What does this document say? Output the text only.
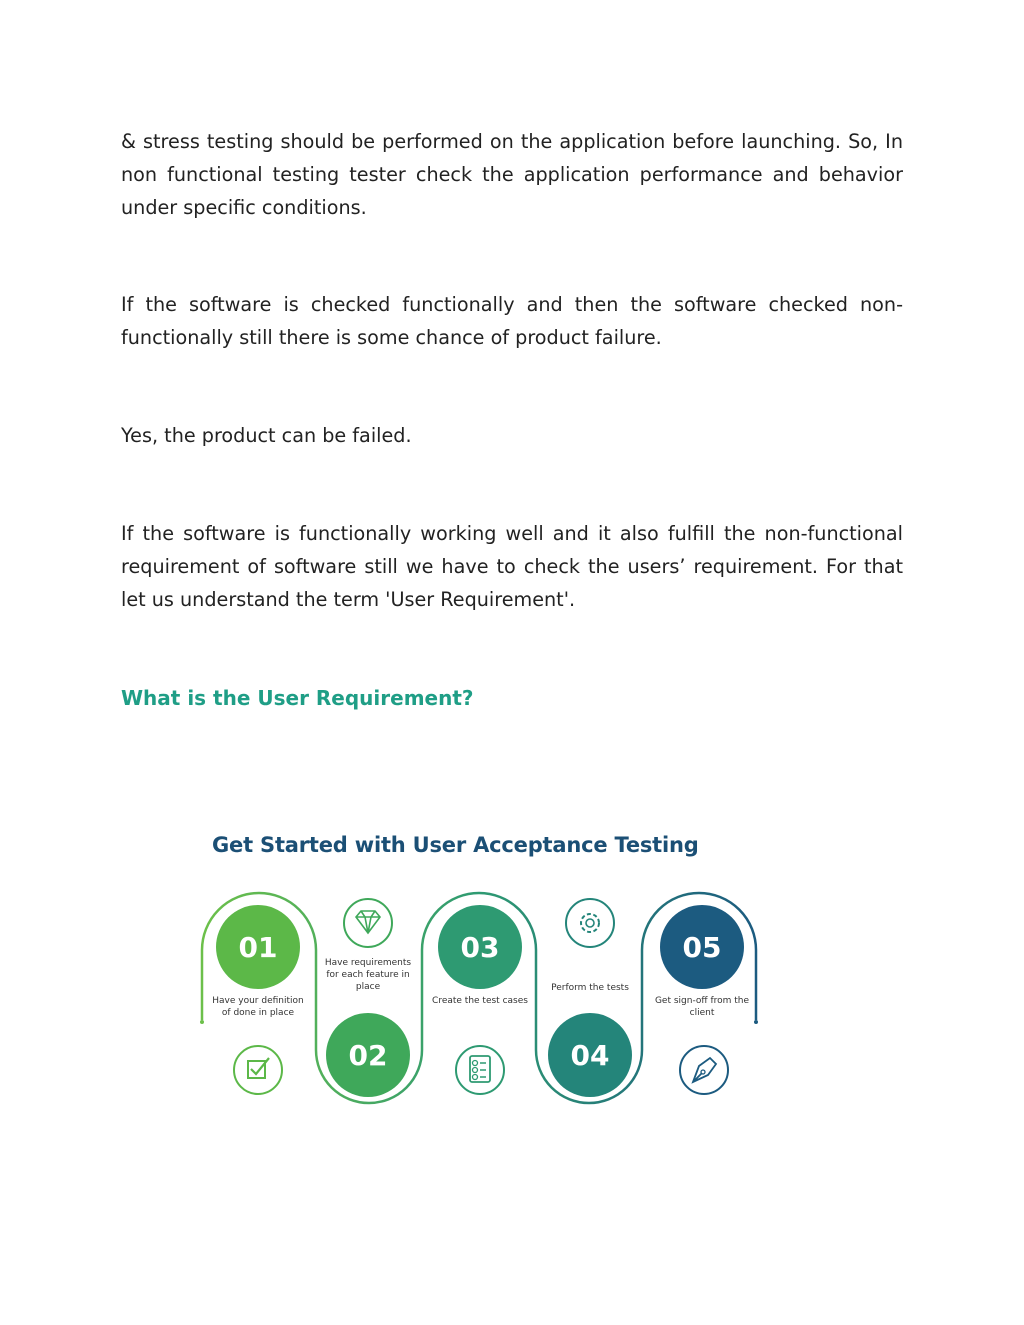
& stress testing should be performed on the application before launching. So, In non functional testing tester check the application performance and behavior under specific conditions.

If the software is checked functionally and then the software checked non-functionally still there is some chance of product failure.

Yes, the product can be failed.

If the software is functionally working well and it also fulfill the non-functional requirement of software still we have to check the users’ requirement. For that let us understand the term 'User Requirement'.

What is the User Requirement?
Get Started with User Acceptance Testing
01
Have your definition of done in place
Have requirements for each feature in place
02
03
Create the test cases
Perform the tests
04
05
Get sign-off from the client
